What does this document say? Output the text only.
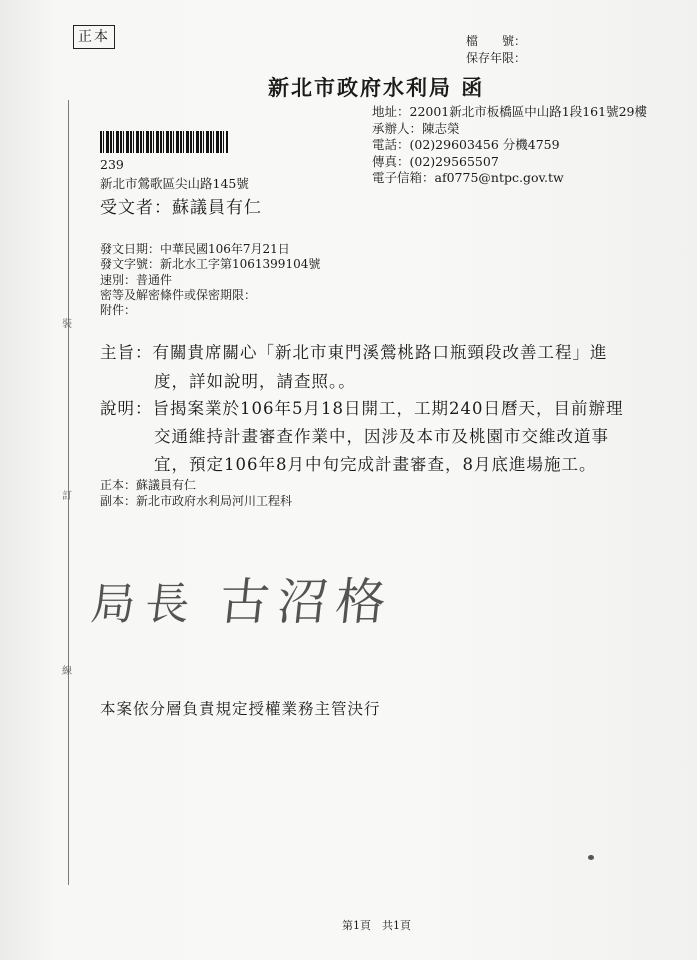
裝
訂
線
正本	檔　　號：
保存年限：
新北市政府水利局 函
地址：22001新北市板橋區中山路1段161號29樓
承辦人：陳志榮
電話：(02)29603456 分機4759
傳真：(02)29565507
電子信箱：af0775@ntpc.gov.tw
239
新北市鶯歌區尖山路145號
受文者：蘇議員有仁
發文日期：中華民國106年7月21日
發文字號：新北水工字第1061399104號
速別：普通件
密等及解密條件或保密期限：
附件：
主旨：有關貴席關心「新北市東門溪鶯桃路口瓶頸段改善工程」進
度，詳如說明，請查照。。
說明：旨揭案業於106年5月18日開工，工期240日曆天，目前辦理
交通維持計畫審查作業中，因涉及本市及桃園市交維改道事
宜，預定106年8月中旬完成計畫審查，8月底進場施工。
正本：蘇議員有仁
副本：新北市政府水利局河川工程科
局長 古沼格
本案依分層負責規定授權業務主管決行
第1頁　共1頁
